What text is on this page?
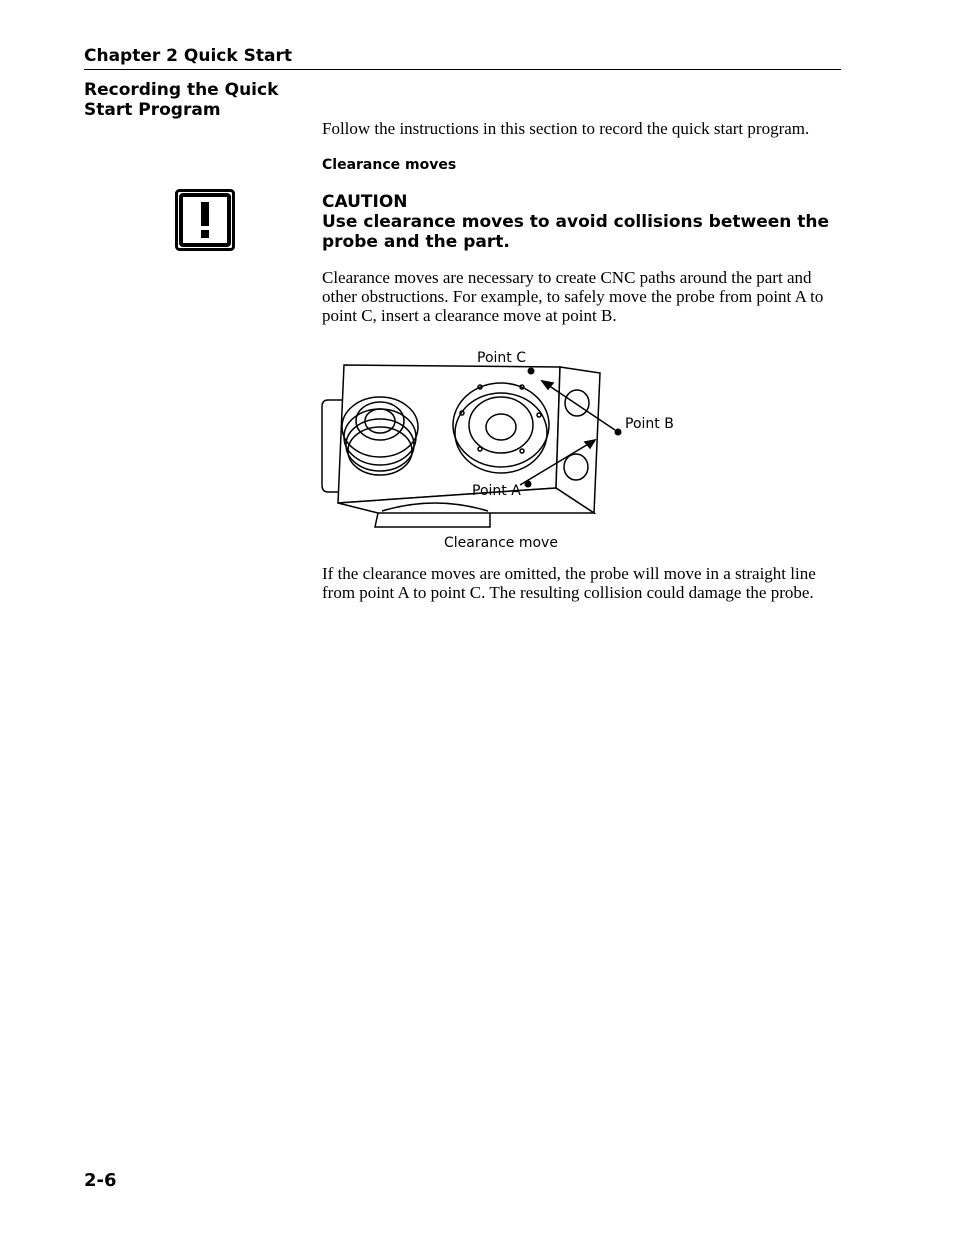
Chapter 2 Quick Start
Recording the Quick
Start Program
Follow the instructions in this section to record the quick start program.
Clearance moves
CAUTION
Use clearance moves to avoid collisions between the probe and the part.
Clearance moves are necessary to create CNC paths around the part and other obstructions. For example, to safely move the probe from point A to point C, insert a clearance move at point B.
Point C
Point B
Point A
Clearance move
If the clearance moves are omitted, the probe will move in a straight line from point A to point C. The resulting collision could damage the probe.
2-6
